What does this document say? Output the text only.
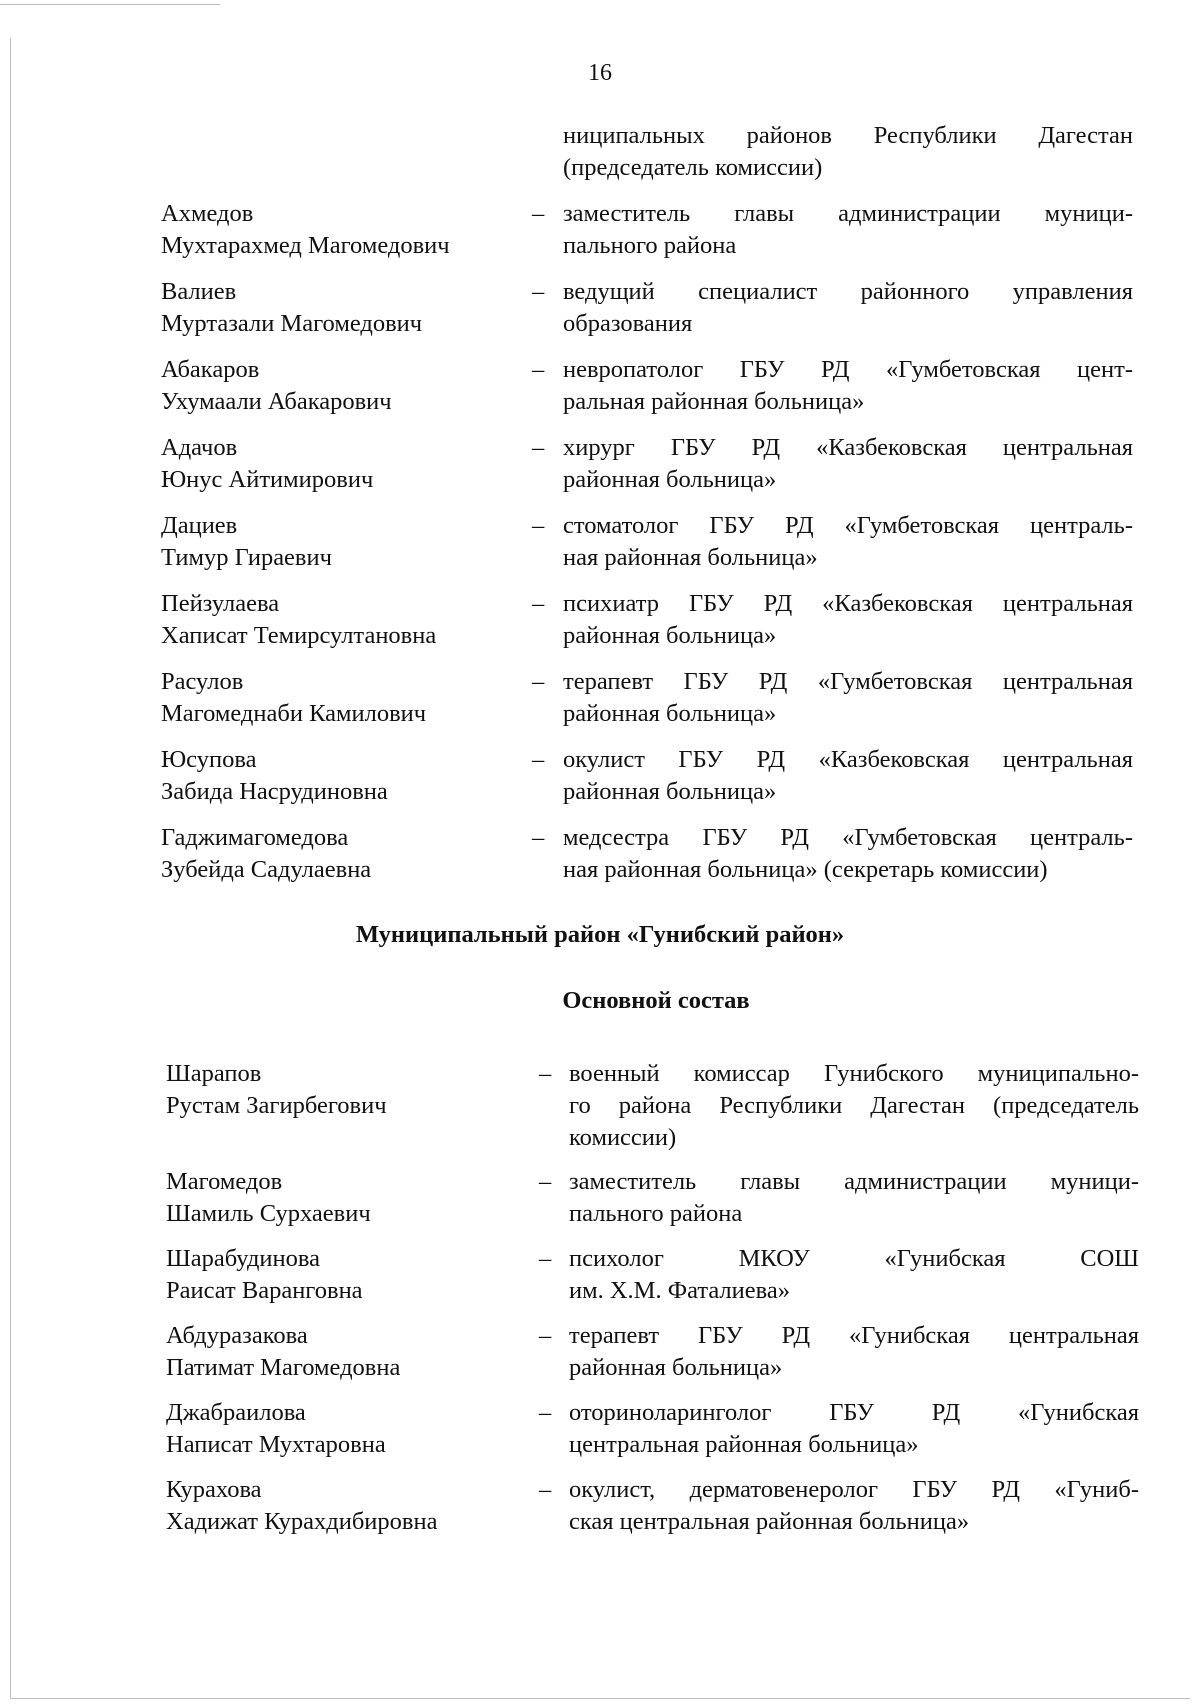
16
ниципальных районов Республики Дагестан
(председатель комиссии)
Ахмедов
Мухтарахмед Магомедович
– заместитель главы администрации муници-
пального района
Валиев
Муртазали Магомедович
– ведущий специалист районного управления
образования
Абакаров
Ухумаали Абакарович
– невропатолог ГБУ РД «Гумбетовская цент-
ральная районная больница»
Адачов
Юнус Айтимирович
– хирург ГБУ РД «Казбековская центральная
районная больница»
Дациев
Тимур Гираевич
– стоматолог ГБУ РД «Гумбетовская централь-
ная районная больница»
Пейзулаева
Хаписат Темирсултановна
– психиатр ГБУ РД «Казбековская центральная
районная больница»
Расулов
Магомеднаби Камилович
– терапевт ГБУ РД «Гумбетовская центральная
районная больница»
Юсупова
Забида Насрудиновна
– окулист ГБУ РД «Казбековская центральная
районная больница»
Гаджимагомедова
Зубейда Садулаевна
– медсестра ГБУ РД «Гумбетовская централь-
ная районная больница» (секретарь комиссии)
Муниципальный район «Гунибский район»
Основной состав
Шарапов
Рустам Загирбегович
– военный комиссар Гунибского муниципально-
го района Республики Дагестан (председатель
комиссии)
Магомедов
Шамиль Сурхаевич
– заместитель главы администрации муници-
пального района
Шарабудинова
Раисат Варанговна
– психолог МКОУ «Гунибская СОШ
им. Х.М. Фаталиева»
Абдуразакова
Патимат Магомедовна
– терапевт ГБУ РД «Гунибская центральная
районная больница»
Джабраилова
Написат Мухтаровна
– оториноларинголог ГБУ РД «Гунибская
центральная районная больница»
Курахова
Хадижат Курахдибировна
– окулист, дерматовенеролог ГБУ РД «Гуниб-
ская центральная районная больница»
